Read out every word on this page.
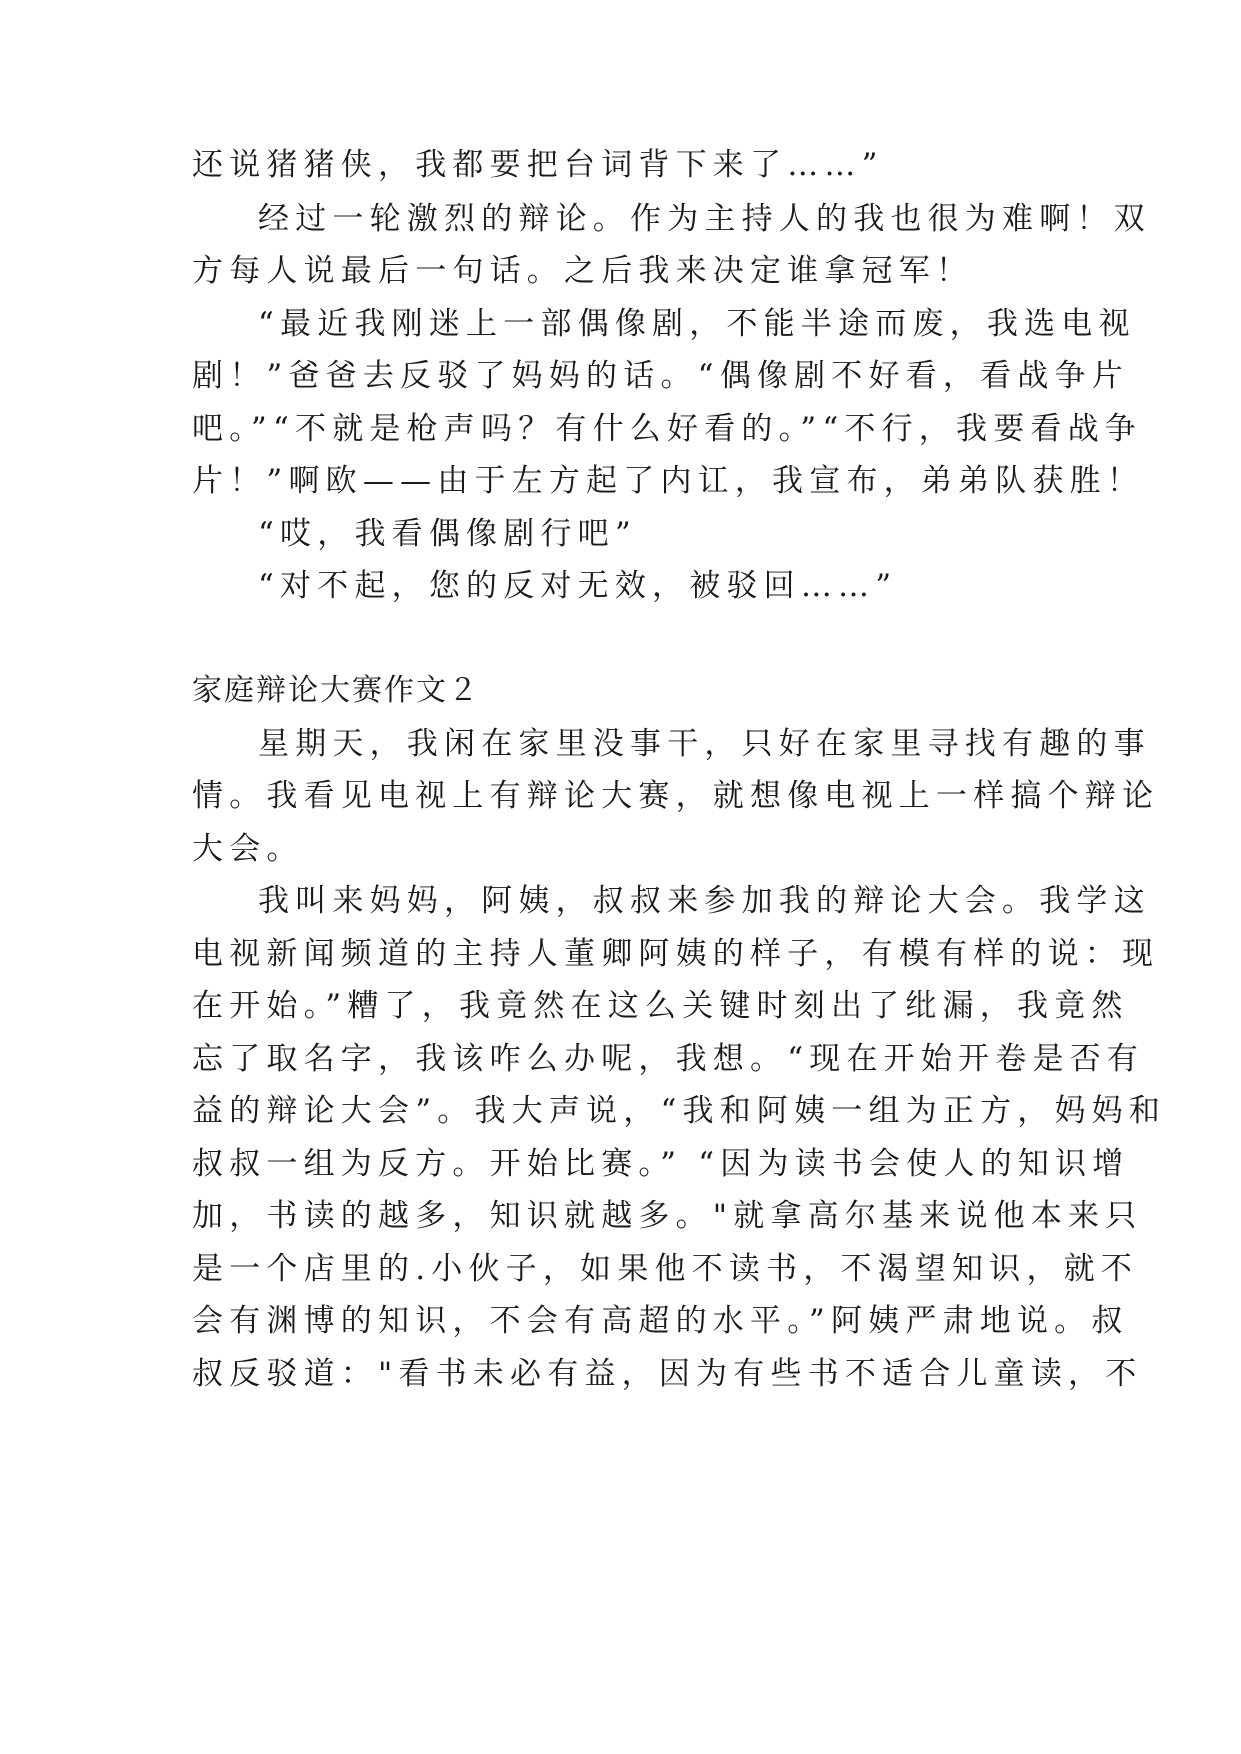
还说猪猪侠，我都要把台词背下来了……”
经过一轮激烈的辩论。作为主持人的我也很为难啊！双
方每人说最后一句话。之后我来决定谁拿冠军！
“最近我刚迷上一部偶像剧，不能半途而废，我选电视
剧！”爸爸去反驳了妈妈的话。“偶像剧不好看，看战争片
吧。”“不就是枪声吗？有什么好看的。”“不行，我要看战争
片！”啊欧——由于左方起了内讧，我宣布，弟弟队获胜！
“哎，我看偶像剧行吧”
“对不起，您的反对无效，被驳回……”
家庭辩论大赛作文２
星期天，我闲在家里没事干，只好在家里寻找有趣的事
情。我看见电视上有辩论大赛，就想像电视上一样搞个辩论
大会。
我叫来妈妈，阿姨，叔叔来参加我的辩论大会。我学这
电视新闻频道的主持人董卿阿姨的样子，有模有样的说：现
在开始。”糟了，我竟然在这么关键时刻出了纰漏，我竟然
忘了取名字，我该咋么办呢，我想。“现在开始开卷是否有
益的辩论大会”。我大声说，“我和阿姨一组为正方，妈妈和
叔叔一组为反方。开始比赛。” “因为读书会使人的知识增
加，书读的越多，知识就越多。"就拿高尔基来说他本来只
是一个店里的.小伙子，如果他不读书，不渴望知识，就不
会有渊博的知识，不会有高超的水平。”阿姨严肃地说。叔
叔反驳道："看书未必有益，因为有些书不适合儿童读，不
